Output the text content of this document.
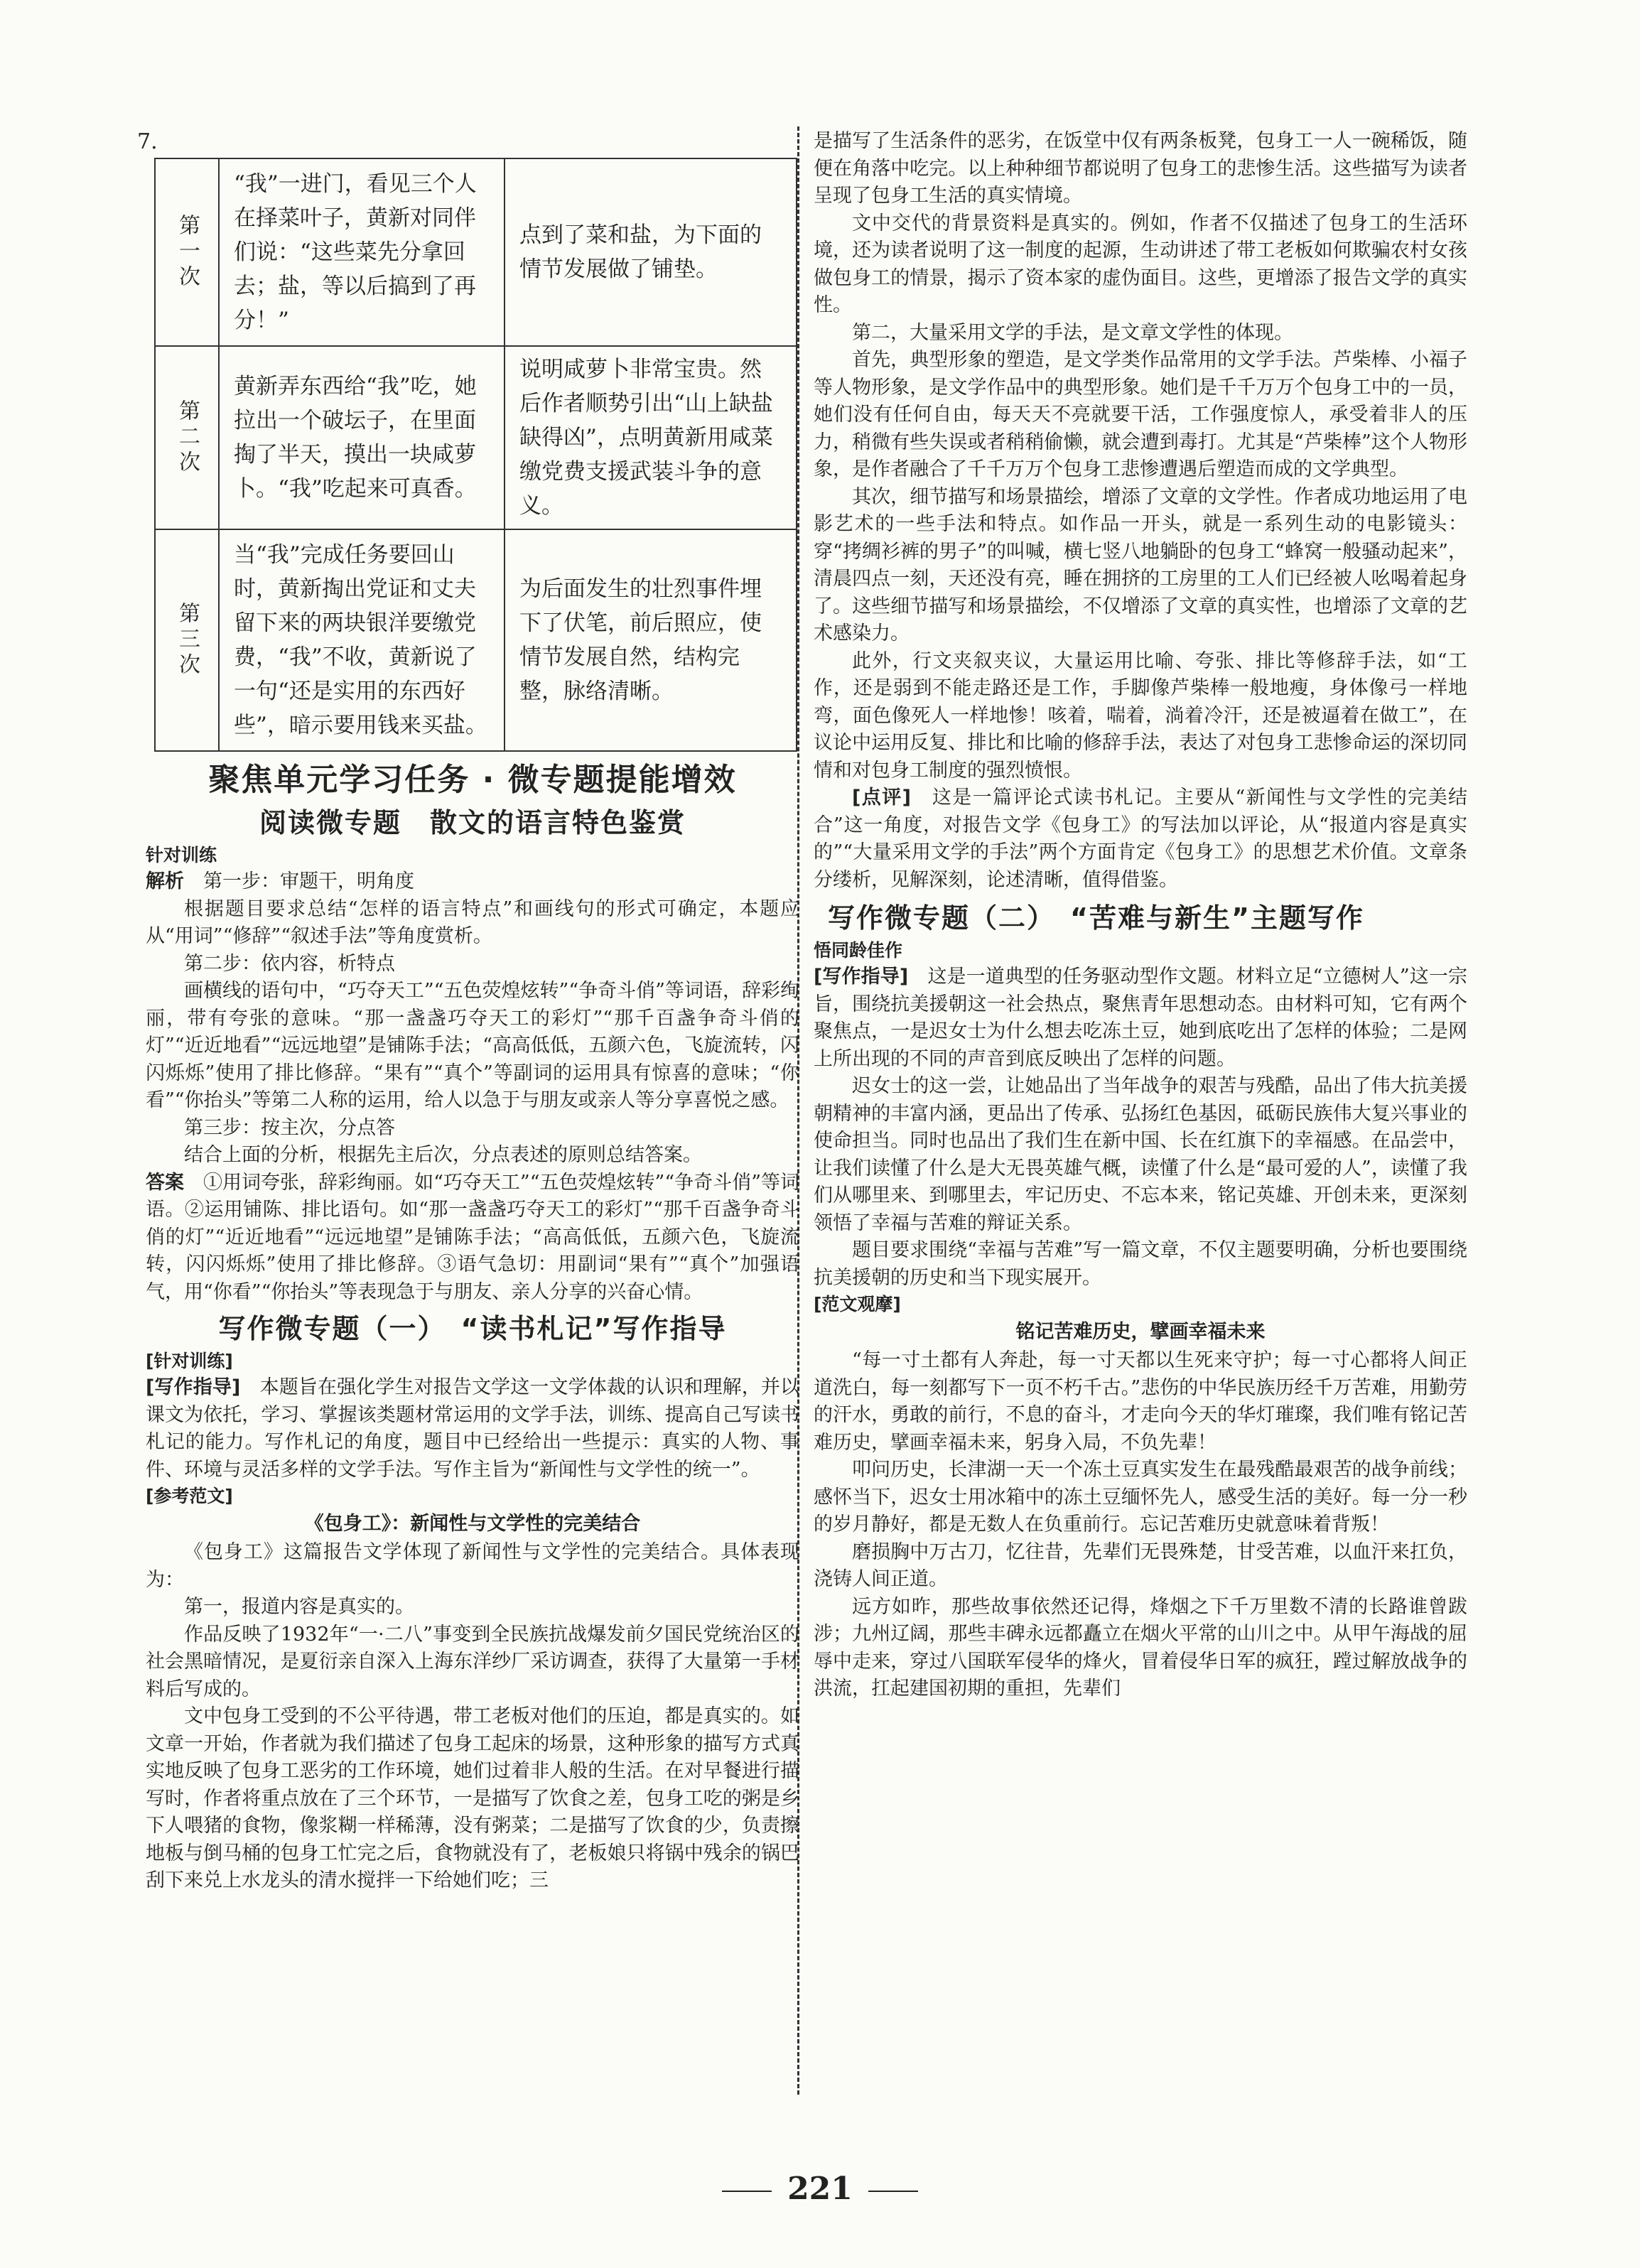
7.
第一次	“我”一进门，看见三个人在择菜叶子，黄新对同伴们说：“这些菜先分拿回去；盐，等以后搞到了再分！”	点到了菜和盐，为下面的情节发展做了铺垫。
第二次	黄新弄东西给“我”吃，她拉出一个破坛子，在里面掏了半天，摸出一块咸萝卜。“我”吃起来可真香。	说明咸萝卜非常宝贵。然后作者顺势引出“山上缺盐缺得凶”，点明黄新用咸菜缴党费支援武装斗争的意义。
第三次	当“我”完成任务要回山时，黄新掏出党证和丈夫留下来的两块银洋要缴党费，“我”不收，黄新说了一句“还是实用的东西好些”，暗示要用钱来买盐。	为后面发生的壮烈事件埋下了伏笔，前后照应，使情节发展自然，结构完整，脉络清晰。
聚焦单元学习任务 · 微专题提能增效
阅读微专题　散文的语言特色鉴赏
针对训练

解析　 第一步：审题干，明角度

根据题目要求总结“怎样的语言特点”和画线句的形式可确定，本题应从“用词”“修辞”“叙述手法”等角度赏析。

第二步：依内容，析特点

画横线的语句中，“巧夺天工”“五色荧煌炫转”“争奇斗俏”等词语，辞彩绚丽，带有夸张的意味。“那一盏盏巧夺天工的彩灯”“那千百盏争奇斗俏的灯”“近近地看”“远远地望”是铺陈手法；“高高低低，五颜六色，飞旋流转，闪闪烁烁”使用了排比修辞。“果有”“真个”等副词的运用具有惊喜的意味；“你看”“你抬头”等第二人称的运用，给人以急于与朋友或亲人等分享喜悦之感。

第三步：按主次，分点答

结合上面的分析，根据先主后次，分点表述的原则总结答案。

答案　 ①用词夸张，辞彩绚丽。如“巧夺天工”“五色荧煌炫转”“争奇斗俏”等词语。②运用铺陈、排比语句。如“那一盏盏巧夺天工的彩灯”“那千百盏争奇斗俏的灯”“近近地看”“远远地望”是铺陈手法；“高高低低，五颜六色，飞旋流转，闪闪烁烁”使用了排比修辞。③语气急切：用副词“果有”“真个”加强语气，用“你看”“你抬头”等表现急于与朋友、亲人分享的兴奋心情。

写作微专题（一）　“读书札记”写作指导
[针对训练]

[写作指导]　 本题旨在强化学生对报告文学这一文学体裁的认识和理解，并以课文为依托，学习、掌握该类题材常运用的文学手法，训练、提高自己写读书札记的能力。写作札记的角度，题目中已经给出一些提示：真实的人物、事件、环境与灵活多样的文学手法。写作主旨为“新闻性与文学性的统一”。

[参考范文]
《包身工》：新闻性与文学性的完美结合

《包身工》这篇报告文学体现了新闻性与文学性的完美结合。具体表现为：

第一，报道内容是真实的。

作品反映了1932年“一·二八”事变到全民族抗战爆发前夕国民党统治区的社会黑暗情况，是夏衍亲自深入上海东洋纱厂采访调查，获得了大量第一手材料后写成的。

文中包身工受到的不公平待遇，带工老板对他们的压迫，都是真实的。如文章一开始，作者就为我们描述了包身工起床的场景，这种形象的描写方式真实地反映了包身工恶劣的工作环境，她们过着非人般的生活。在对早餐进行描写时，作者将重点放在了三个环节，一是描写了饮食之差，包身工吃的粥是乡下人喂猪的食物，像浆糊一样稀薄，没有粥菜；二是描写了饮食的少，负责擦地板与倒马桶的包身工忙完之后，食物就没有了，老板娘只将锅中残余的锅巴刮下来兑上水龙头的清水搅拌一下给她们吃；三

是描写了生活条件的恶劣，在饭堂中仅有两条板凳，包身工一人一碗稀饭，随便在角落中吃完。以上种种细节都说明了包身工的悲惨生活。这些描写为读者呈现了包身工生活的真实情境。

文中交代的背景资料是真实的。例如，作者不仅描述了包身工的生活环境，还为读者说明了这一制度的起源，生动讲述了带工老板如何欺骗农村女孩做包身工的情景，揭示了资本家的虚伪面目。这些，更增添了报告文学的真实性。

第二，大量采用文学的手法，是文章文学性的体现。

首先，典型形象的塑造，是文学类作品常用的文学手法。芦柴棒、小福子等人物形象，是文学作品中的典型形象。她们是千千万万个包身工中的一员，她们没有任何自由，每天天不亮就要干活，工作强度惊人，承受着非人的压力，稍微有些失误或者稍稍偷懒，就会遭到毒打。尤其是“芦柴棒”这个人物形象，是作者融合了千千万万个包身工悲惨遭遇后塑造而成的文学典型。

其次，细节描写和场景描绘，增添了文章的文学性。作者成功地运用了电影艺术的一些手法和特点。如作品一开头，就是一系列生动的电影镜头：穿“拷绸衫裤的男子”的叫喊，横七竖八地躺卧的包身工“蜂窝一般骚动起来”，清晨四点一刻，天还没有亮，睡在拥挤的工房里的工人们已经被人吆喝着起身了。这些细节描写和场景描绘，不仅增添了文章的真实性，也增添了文章的艺术感染力。

此外，行文夹叙夹议，大量运用比喻、夸张、排比等修辞手法，如“工作，还是弱到不能走路还是工作，手脚像芦柴棒一般地瘦，身体像弓一样地弯，面色像死人一样地惨！咳着，喘着，淌着冷汗，还是被逼着在做工”，在议论中运用反复、排比和比喻的修辞手法，表达了对包身工悲惨命运的深切同情和对包身工制度的强烈愤恨。

[点评]　 这是一篇评论式读书札记。主要从“新闻性与文学性的完美结合”这一角度，对报告文学《包身工》的写法加以评论，从“报道内容是真实的”“大量采用文学的手法”两个方面肯定《包身工》的思想艺术价值。文章条分缕析，见解深刻，论述清晰，值得借鉴。

写作微专题（二）　“苦难与新生”主题写作
悟同龄佳作

[写作指导]　 这是一道典型的任务驱动型作文题。材料立足“立德树人”这一宗旨，围绕抗美援朝这一社会热点，聚焦青年思想动态。由材料可知，它有两个聚焦点，一是迟女士为什么想去吃冻土豆，她到底吃出了怎样的体验；二是网上所出现的不同的声音到底反映出了怎样的问题。

迟女士的这一尝，让她品出了当年战争的艰苦与残酷，品出了伟大抗美援朝精神的丰富内涵，更品出了传承、弘扬红色基因，砥砺民族伟大复兴事业的使命担当。同时也品出了我们生在新中国、长在红旗下的幸福感。在品尝中，让我们读懂了什么是大无畏英雄气概，读懂了什么是“最可爱的人”，读懂了我们从哪里来、到哪里去，牢记历史、不忘本来，铭记英雄、开创未来，更深刻领悟了幸福与苦难的辩证关系。

题目要求围绕“幸福与苦难”写一篇文章，不仅主题要明确，分析也要围绕抗美援朝的历史和当下现实展开。

[范文观摩]
铭记苦难历史，擘画幸福未来

“每一寸土都有人奔赴，每一寸天都以生死来守护；每一寸心都将人间正道洗白，每一刻都写下一页不朽千古。”悲伤的中华民族历经千万苦难，用勤劳的汗水，勇敢的前行，不息的奋斗，才走向今天的华灯璀璨，我们唯有铭记苦难历史，擘画幸福未来，躬身入局，不负先辈！

叩问历史，长津湖一天一个冻土豆真实发生在最残酷最艰苦的战争前线；感怀当下，迟女士用冰箱中的冻土豆缅怀先人，感受生活的美好。每一分一秒的岁月静好，都是无数人在负重前行。忘记苦难历史就意味着背叛！

磨损胸中万古刀，忆往昔，先辈们无畏殊楚，甘受苦难，以血汗来扛负，浇铸人间正道。

远方如昨，那些故事依然还记得，烽烟之下千万里数不清的长路谁曾跋涉；九州辽阔，那些丰碑永远都矗立在烟火平常的山川之中。从甲午海战的屈辱中走来，穿过八国联军侵华的烽火，冒着侵华日军的疯狂，蹚过解放战争的洪流，扛起建国初期的重担，先辈们

221
